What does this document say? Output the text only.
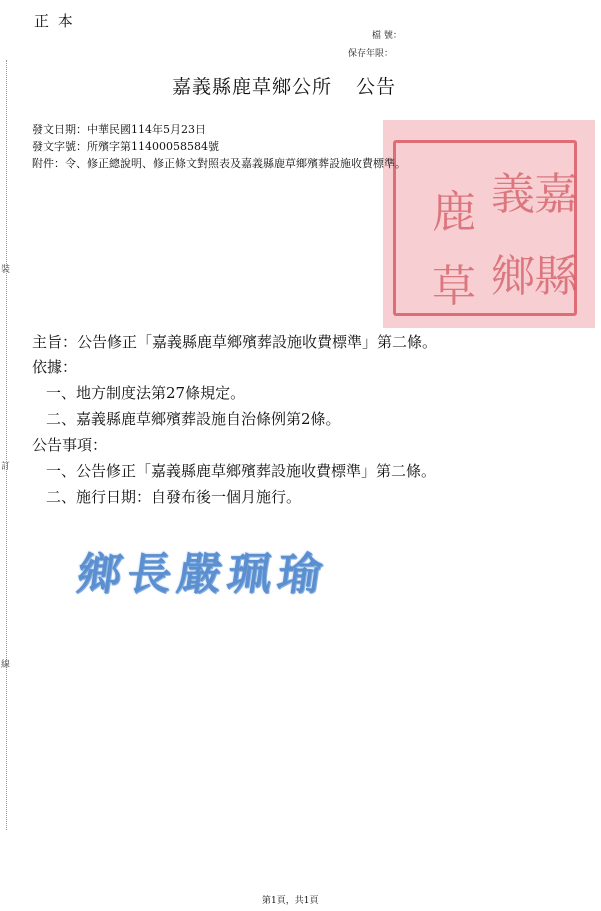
正 本
檔 號：
保存年限：
裝
訂
線
嘉義縣鹿草鄉公所 公告
嘉
縣
義
鄉
鹿
草
發文日期：中華民國114年5月23日
發文字號：所殯字第11400058584號
附件：令、修正總說明、修正條文對照表及嘉義縣鹿草鄉殯葬設施收費標準。
主旨：公告修正「嘉義縣鹿草鄉殯葬設施收費標準」第二條。
依據：
一、地方制度法第27條規定。
二、嘉義縣鹿草鄉殯葬設施自治條例第2條。
公告事項：
一、公告修正「嘉義縣鹿草鄉殯葬設施收費標準」第二條。
二、施行日期：自發布後一個月施行。
鄉長嚴珮瑜
第1頁，共1頁
